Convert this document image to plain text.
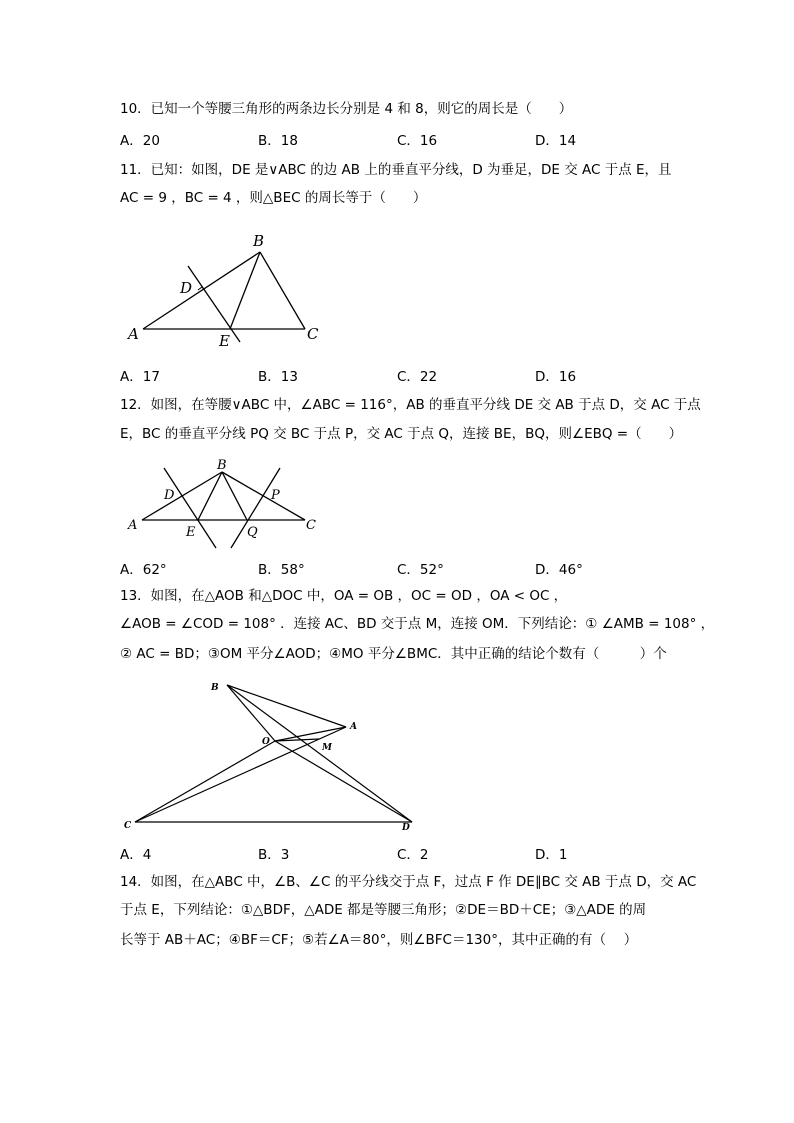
10．已知一个等腰三角形的两条边长分别是 4 和 8，则它的周长是（　　）
A．20	B．18	C．16	D．14
11．已知：如图，DE 是∨ABC 的边 AB 上的垂直平分线，D 为垂足，DE 交 AC 于点 E，且
AC = 9 ，BC = 4 ，则△BEC 的周长等于（　　）
A
B
C
D
E
A．17	B．13	C．22	D．16
12．如图，在等腰∨ABC 中，∠ABC = 116°，AB 的垂直平分线 DE 交 AB 于点 D，交 AC 于点
E，BC 的垂直平分线 PQ 交 BC 于点 P，交 AC 于点 Q，连接 BE，BQ，则∠EBQ =（　　）
A
B
C
D
E
P
Q
A．62°	B．58°	C．52°	D．46°
13．如图，在△AOB 和△DOC 中，OA = OB ，OC = OD ，OA < OC ，
∠AOB = ∠COD = 108° ．连接 AC、BD 交于点 M，连接 OM．下列结论：① ∠AMB = 108° ，
② AC = BD；③OM 平分∠AOD；④MO 平分∠BMC．其中正确的结论个数有（　　　）个
B
A
O
M
C	D
A．4	B．3	C．2	D．1
14．如图，在△ABC 中，∠B、∠C 的平分线交于点 F，过点 F 作 DE∥BC 交 AB 于点 D，交 AC
于点 E，下列结论：①△BDF，△ADE 都是等腰三角形；②DE＝BD＋CE；③△ADE 的周
长等于 AB＋AC；④BF＝CF；⑤若∠A＝80°，则∠BFC＝130°，其中正确的有（　 ）
